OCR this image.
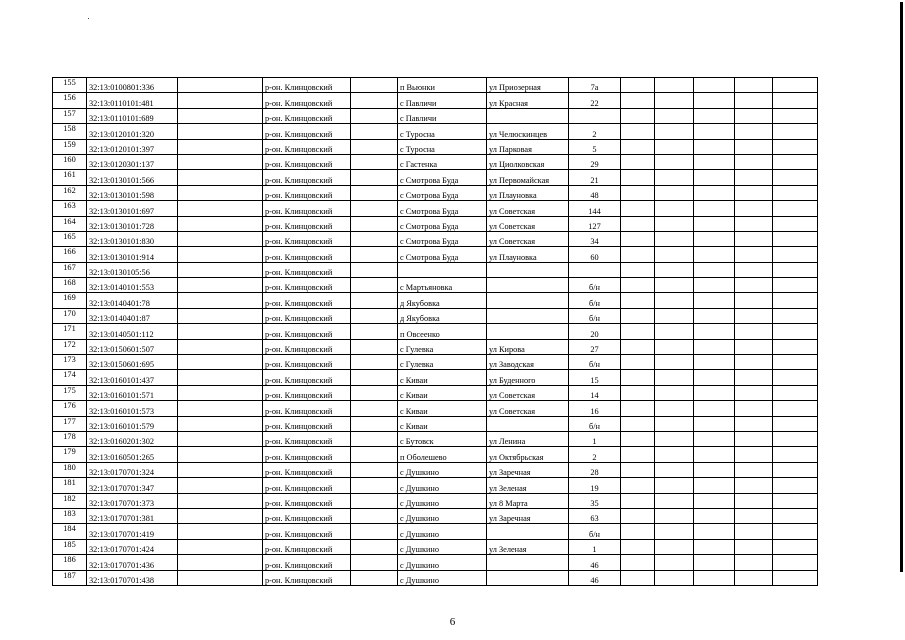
155	32:13:0100801:336		р-он. Клинцовский		п Вьюнки	ул Приозерная	7а					
156	32:13:0110101:481		р-он. Клинцовский		с Павличи	ул Красная	22					
157	32:13:0110101:689		р-он. Клинцовский		с Павличи							
158	32:13:0120101:320		р-он. Клинцовский		с Туросна	ул Челюскинцев	2					
159	32:13:0120101:397		р-он. Клинцовский		с Туросна	ул Парковая	5					
160	32:13:0120301:137		р-он. Клинцовский		с Гастенка	ул Циолковская	29					
161	32:13:0130101:566		р-он. Клинцовский		с Смотрова Буда	ул Первомайская	21					
162	32:13:0130101:598		р-он. Клинцовский		с Смотрова Буда	ул Плауновка	48					
163	32:13:0130101:697		р-он. Клинцовский		с Смотрова Буда	ул Советская	144					
164	32:13:0130101:728		р-он. Клинцовский		с Смотрова Буда	ул Советская	127					
165	32:13:0130101:830		р-он. Клинцовский		с Смотрова Буда	ул Советская	34					
166	32:13:0130101:914		р-он. Клинцовский		с Смотрова Буда	ул Плауновка	60					
167	32:13:0130105:56		р-он. Клинцовский									
168	32:13:0140101:553		р-он. Клинцовский		с Мартьяновка		б/н					
169	32:13:0140401:78		р-он. Клинцовский		д Якубовка		б/н					
170	32:13:0140401:87		р-он. Клинцовский		д Якубовка		б/н					
171	32:13:0140501:112		р-он. Клинцовский		п Овсеенко		20					
172	32:13:0150601:507		р-он. Клинцовский		с Гулевка	ул Кирова	27					
173	32:13:0150601:695		р-он. Клинцовский		с Гулевка	ул Заводская	б/н					
174	32:13:0160101:437		р-он. Клинцовский		с Киваи	ул Буденного	15					
175	32:13:0160101:571		р-он. Клинцовский		с Киваи	ул Советская	14					
176	32:13:0160101:573		р-он. Клинцовский		с Киваи	ул Советская	16					
177	32:13:0160101:579		р-он. Клинцовский		с Киваи		б/н					
178	32:13:0160201:302		р-он. Клинцовский		с Бутовск	ул Ленина	1					
179	32:13:0160501:265		р-он. Клинцовский		п Оболешево	ул Октябрьская	2					
180	32:13:0170701:324		р-он. Клинцовский		с Душкино	ул Заречная	28					
181	32:13:0170701:347		р-он. Клинцовский		с Душкино	ул Зеленая	19					
182	32:13:0170701:373		р-он. Клинцовский		с Душкино	ул 8 Марта	35					
183	32:13:0170701:381		р-он. Клинцовский		с Душкино	ул Заречная	63					
184	32:13:0170701:419		р-он. Клинцовский		с Душкино		б/н					
185	32:13:0170701:424		р-он. Клинцовский		с Душкино	ул Зеленая	1					
186	32:13:0170701:436		р-он. Клинцовский		с Душкино		46					
187	32:13:0170701:438		р-он. Клинцовский		с Душкино		46					
6
